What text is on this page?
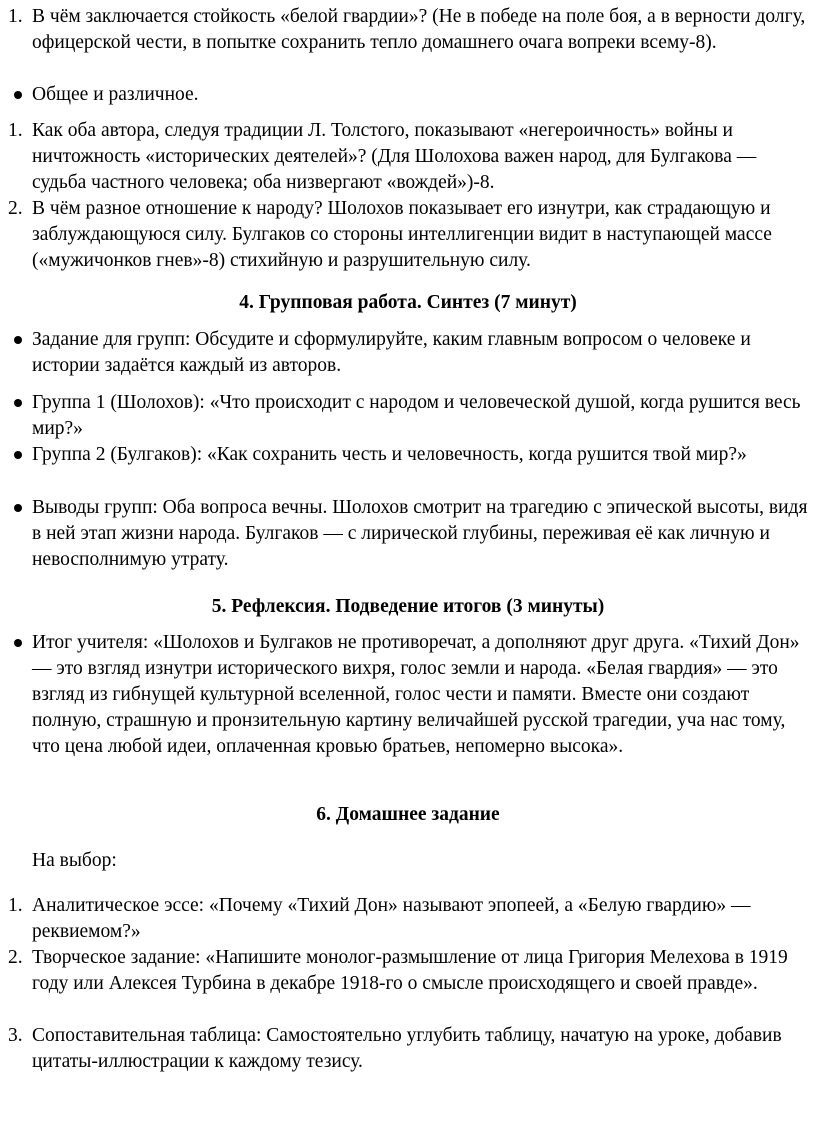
1. В чём заключается стойкость «белой гвардии»? (Не в победе на поле боя, а в верности долгу, офицерской чести, в попытке сохранить тепло домашнего очага вопреки всему-8).
Общее и различное.
1. Как оба автора, следуя традиции Л. Толстого, показывают «негероичность» войны и ничтожность «исторических деятелей»? (Для Шолохова важен народ, для Булгакова — судьба частного человека; оба низвергают «вождей»)-8.
2. В чём разное отношение к народу? Шолохов показывает его изнутри, как страдающую и заблуждающуюся силу. Булгаков со стороны интеллигенции видит в наступающей массе («мужичонков гнев»-8) стихийную и разрушительную силу.
4. Групповая работа. Синтез (7 минут)
Задание для групп: Обсудите и сформулируйте, каким главным вопросом о человеке и истории задаётся каждый из авторов.
Группа 1 (Шолохов): «Что происходит с народом и человеческой душой, когда рушится весь мир?»
Группа 2 (Булгаков): «Как сохранить честь и человечность, когда рушится твой мир?»
Выводы групп: Оба вопроса вечны. Шолохов смотрит на трагедию с эпической высоты, видя в ней этап жизни народа. Булгаков — с лирической глубины, переживая её как личную и невосполнимую утрату.
5. Рефлексия. Подведение итогов (3 минуты)
Итог учителя: «Шолохов и Булгаков не противоречат, а дополняют друг друга. «Тихий Дон» — это взгляд изнутри исторического вихря, голос земли и народа. «Белая гвардия» — это взгляд из гибнущей культурной вселенной, голос чести и памяти. Вместе они создают полную, страшную и пронзительную картину величайшей русской трагедии, уча нас тому, что цена любой идеи, оплаченная кровью братьев, непомерно высока».
6. Домашнее задание
На выбор:
1. Аналитическое эссе: «Почему «Тихий Дон» называют эпопеей, а «Белую гвардию» — реквиемом?»
2. Творческое задание: «Напишите монолог-размышление от лица Григория Мелехова в 1919 году или Алексея Турбина в декабре 1918-го о смысле происходящего и своей правде».
3. Сопоставительная таблица: Самостоятельно углубить таблицу, начатую на уроке, добавив цитаты-иллюстрации к каждому тезису.
